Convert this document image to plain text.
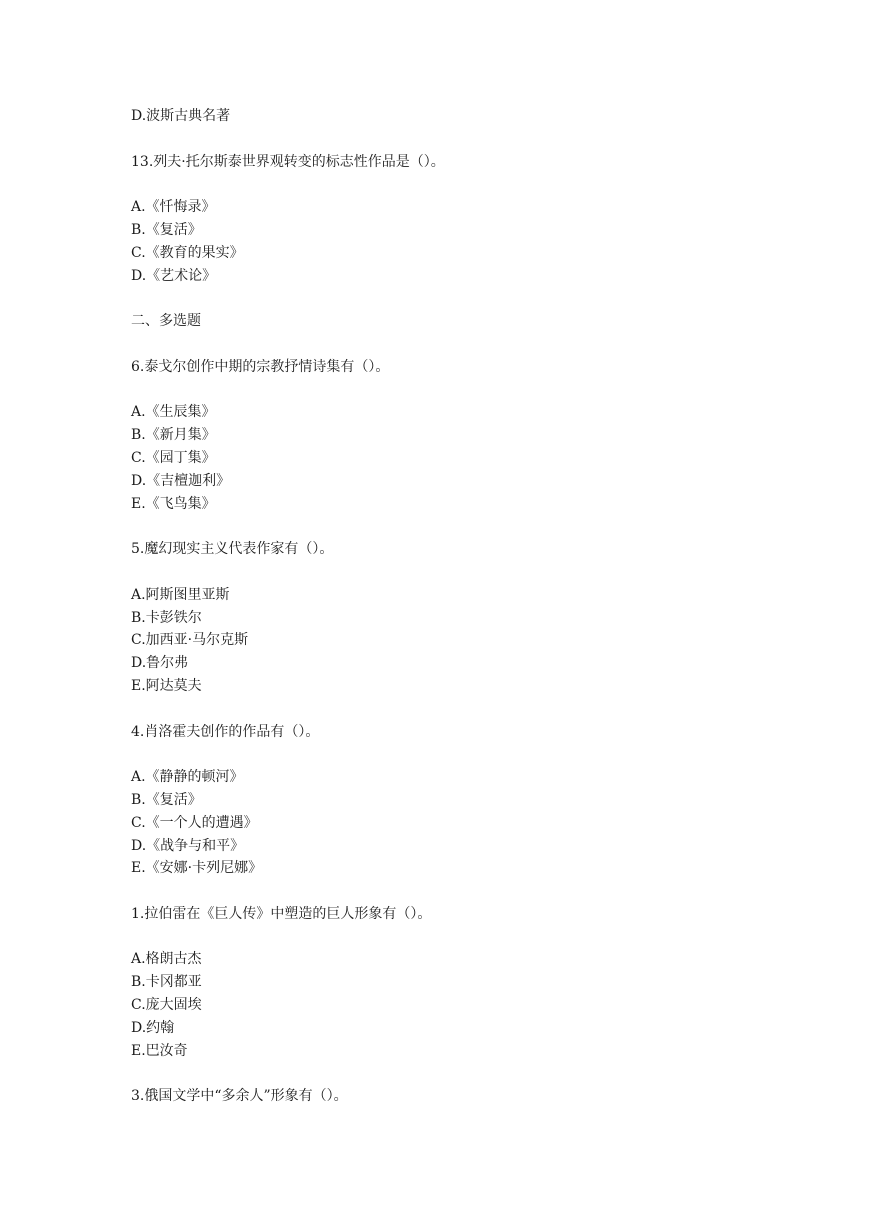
D.波斯古典名著
13.列夫·托尔斯泰世界观转变的标志性作品是（）。
A.《忏悔录》
B.《复活》
C.《教育的果实》
D.《艺术论》
二、多选题
6.泰戈尔创作中期的宗教抒情诗集有（）。
A.《生辰集》
B.《新月集》
C.《园丁集》
D.《吉檀迦利》
E.《飞鸟集》
5.魔幻现实主义代表作家有（）。
A.阿斯图里亚斯
B.卡彭铁尔
C.加西亚·马尔克斯
D.鲁尔弗
E.阿达莫夫
4.肖洛霍夫创作的作品有（）。
A.《静静的顿河》
B.《复活》
C.《一个人的遭遇》
D.《战争与和平》
E.《安娜·卡列尼娜》
1.拉伯雷在《巨人传》中塑造的巨人形象有（）。
A.格朗古杰
B.卡冈都亚
C.庞大固埃
D.约翰
E.巴汝奇
3.俄国文学中“多余人”形象有（）。
